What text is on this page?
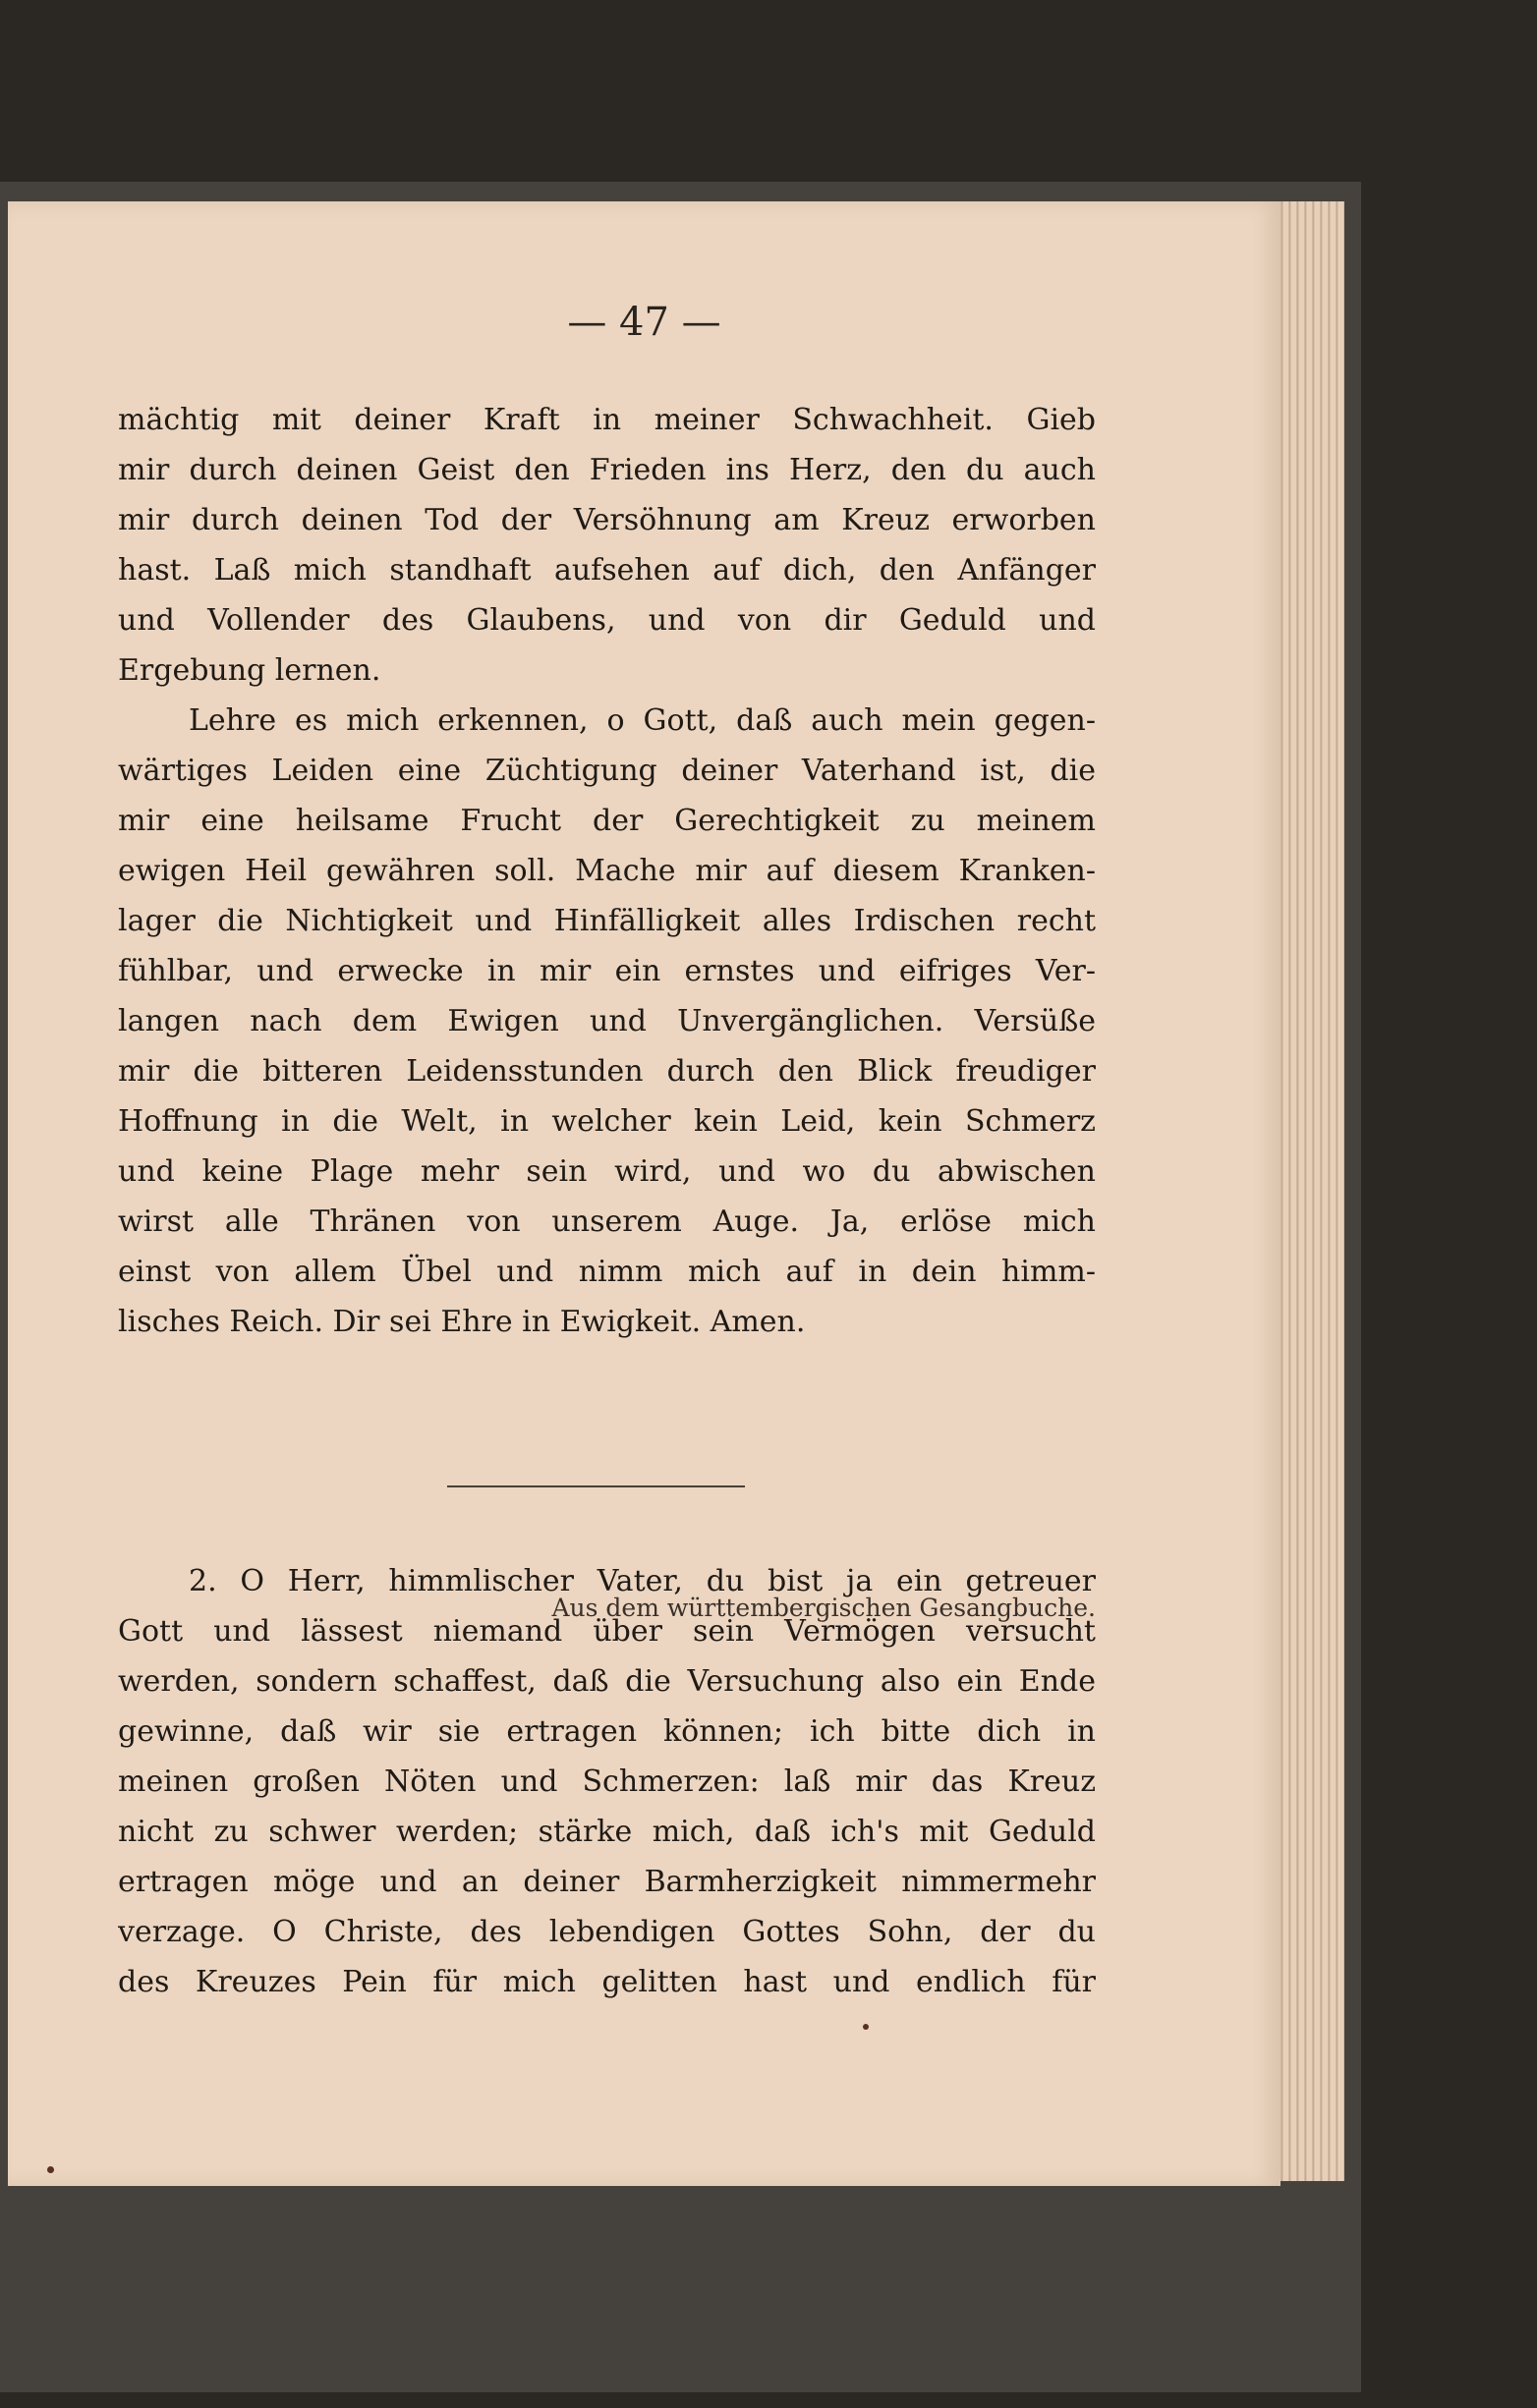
— 47 —
mächtig mit deiner Kraft in meiner Schwachheit. Gieb
mir durch deinen Geist den Frieden ins Herz, den du auch
mir durch deinen Tod der Versöhnung am Kreuz erworben
hast. Laß mich standhaft aufsehen auf dich, den Anfänger
und Vollender des Glaubens, und von dir Geduld und
Ergebung lernen.
Lehre es mich erkennen, o Gott, daß auch mein gegen-
wärtiges Leiden eine Züchtigung deiner Vaterhand ist, die
mir eine heilsame Frucht der Gerechtigkeit zu meinem
ewigen Heil gewähren soll. Mache mir auf diesem Kranken-
lager die Nichtigkeit und Hinfälligkeit alles Irdischen recht
fühlbar, und erwecke in mir ein ernstes und eifriges Ver-
langen nach dem Ewigen und Unvergänglichen. Versüße
mir die bitteren Leidensstunden durch den Blick freudiger
Hoffnung in die Welt, in welcher kein Leid, kein Schmerz
und keine Plage mehr sein wird, und wo du abwischen
wirst alle Thränen von unserem Auge. Ja, erlöse mich
einst von allem Übel und nimm mich auf in dein himm-
lisches Reich. Dir sei Ehre in Ewigkeit. Amen.
Aus dem württembergischen Gesangbuche.
2. O Herr, himmlischer Vater, du bist ja ein getreuer
Gott und lässest niemand über sein Vermögen versucht
werden, sondern schaffest, daß die Versuchung also ein Ende
gewinne, daß wir sie ertragen können; ich bitte dich in
meinen großen Nöten und Schmerzen: laß mir das Kreuz
nicht zu schwer werden; stärke mich, daß ich's mit Geduld
ertragen möge und an deiner Barmherzigkeit nimmermehr
verzage. O Christe, des lebendigen Gottes Sohn, der du
des Kreuzes Pein für mich gelitten hast und endlich für
